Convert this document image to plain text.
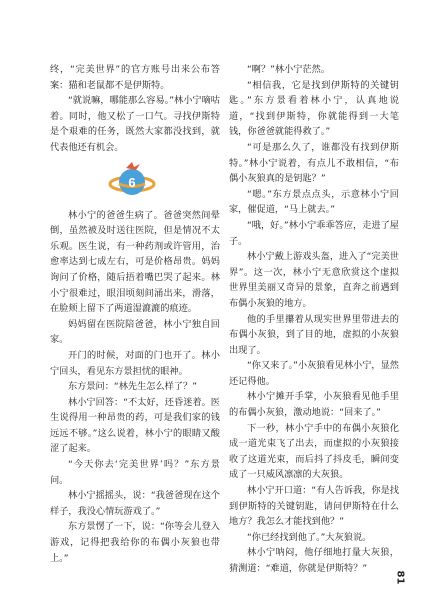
终，“完美世界”的官方账号出来公布答案：猫和老鼠都不是伊斯特。

“就说嘛，哪能那么容易。”林小宁嘀咕着。同时，他又松了一口气。寻找伊斯特是个艰难的任务，既然大家都没找到，就代表他还有机会。

6

林小宁的爸爸生病了。爸爸突然间晕倒，虽然被及时送往医院，但是情况不太乐观。医生说，有一种药剂或许管用，治愈率达到七成左右，可是价格昂贵。妈妈询问了价格，随后捂着嘴巴哭了起来。林小宁很难过，眼泪顷刻间涌出来，滑落，在脸颊上留下了两道湿漉漉的痕迹。

妈妈留在医院陪爸爸，林小宁独自回家。

开门的时候，对面的门也开了。林小宁回头，看见东方景担忧的眼神。

东方景问：“林先生怎么样了？”

林小宁回答：“不太好，还昏迷着。医生说得用一种昂贵的药，可是我们家的钱远远不够。”这么说着，林小宁的眼睛又酸涩了起来。

“今天你去‘完美世界’吗？”东方景问。

林小宁摇摇头，说：“我爸爸现在这个样子，我没心情玩游戏了。”

东方景愣了一下，说：“你等会儿登入游戏，记得把我给你的布偶小灰狼也带上。”

“啊？”林小宁茫然。

“相信我，它是找到伊斯特的关键钥匙。”东方景看着林小宁，认真地说道，“找到伊斯特，你就能得到一大笔钱，你爸爸就能得救了。”

“可是那么久了，谁都没有找到伊斯特。”林小宁说着，有点儿不敢相信，“布偶小灰狼真的是钥匙？”

“嗯。”东方景点点头，示意林小宁回家，催促道，“马上就去。”

“哦，好。”林小宁乖乖答应，走进了屋子。

林小宁戴上游戏头盔，进入了“完美世界”。这一次，林小宁无意欣赏这个虚拟世界里美丽又奇异的景象，直奔之前遇到布偶小灰狼的地方。

他的手里攥着从现实世界里带进去的布偶小灰狼，到了目的地，虚拟的小灰狼出现了。

“你又来了。”小灰狼看见林小宁，显然还记得他。

林小宁摊开手掌，小灰狼看见他手里的布偶小灰狼，激动地说：“回来了。”

下一秒，林小宁手中的布偶小灰狼化成一道光束飞了出去，而虚拟的小灰狼接收了这道光束，而后抖了抖皮毛，瞬间变成了一只威风凛凛的大灰狼。

林小宁开口道：“有人告诉我，你是找到伊斯特的关键钥匙，请问伊斯特在什么地方？我怎么才能找到他？”

“你已经找到他了。”大灰狼说。

林小宁呐闷，他仔细地打量大灰狼，猜测道：“难道，你就是伊斯特？”

81
